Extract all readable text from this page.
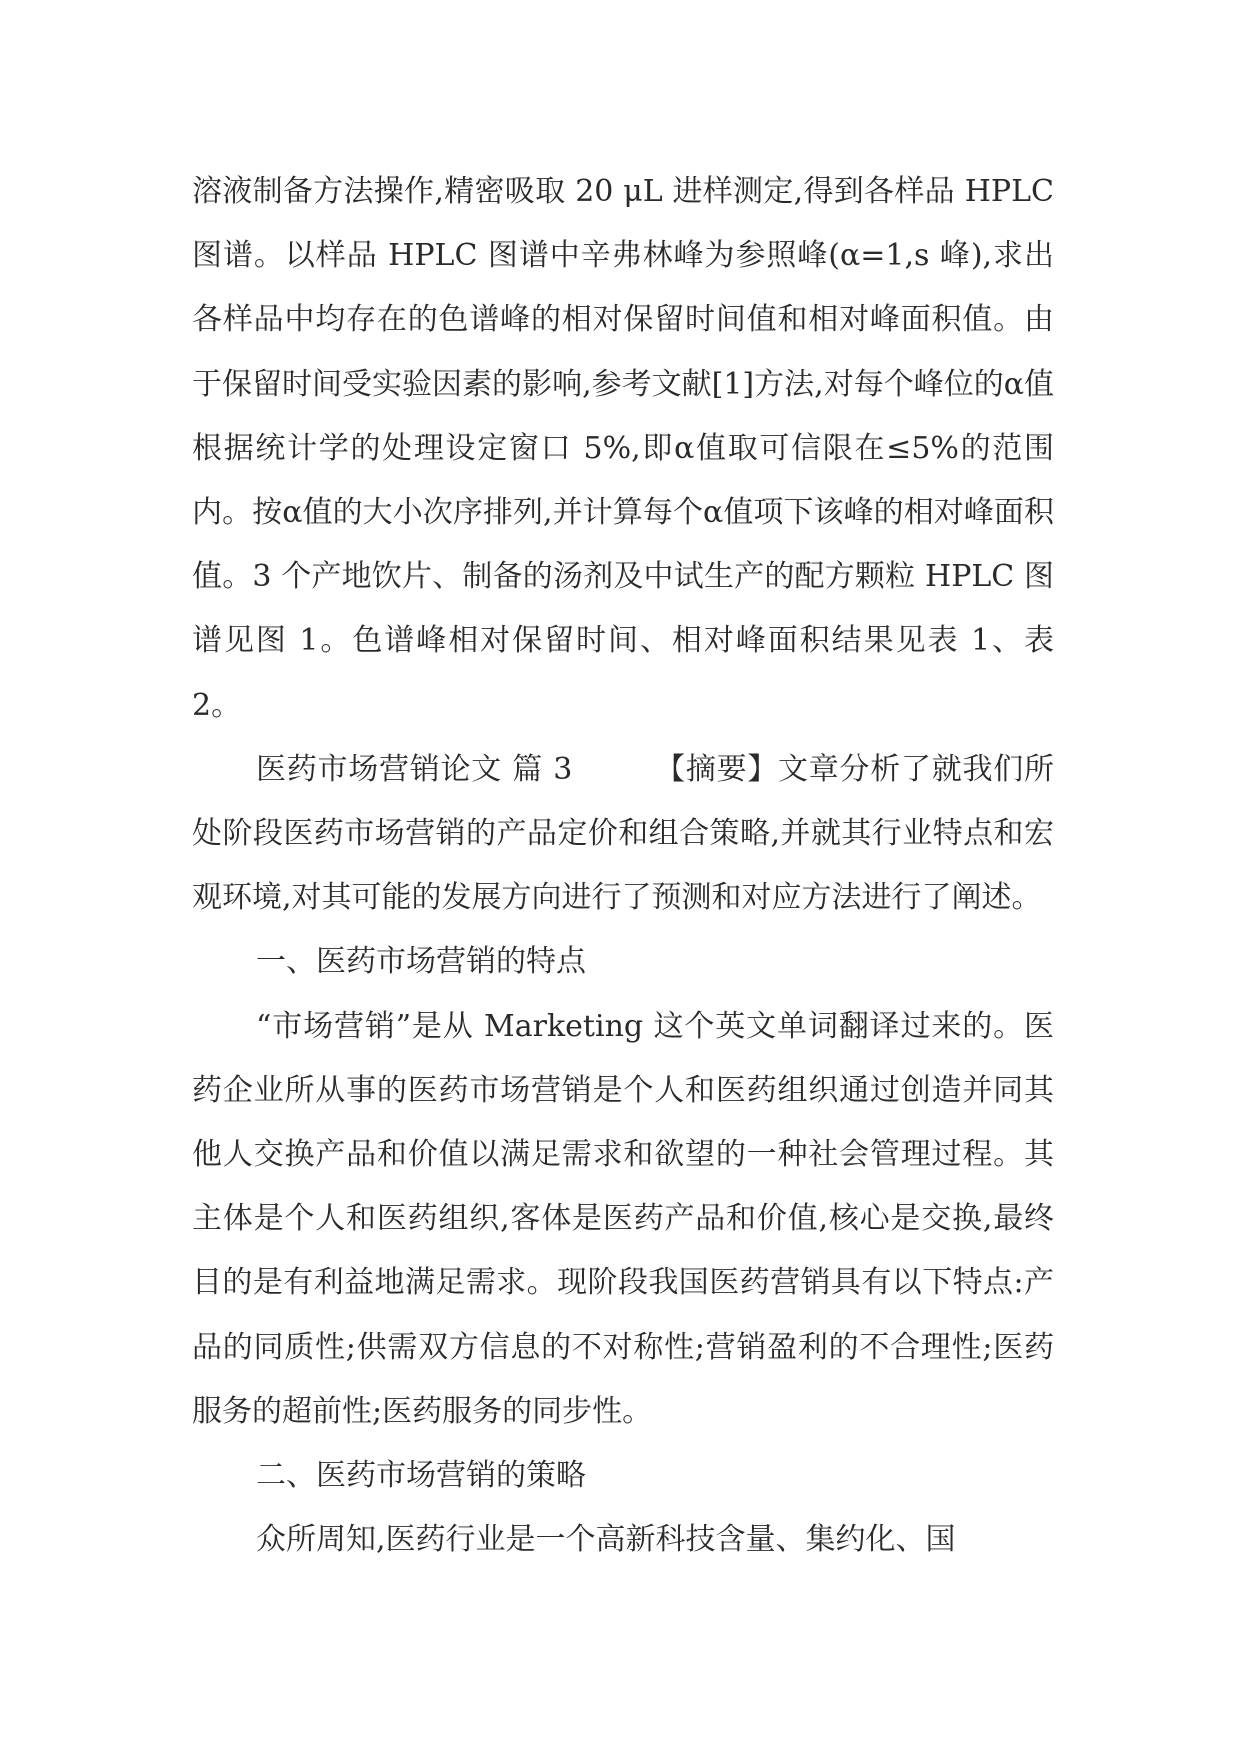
溶液制备方法操作,精密吸取 20 μL 进样测定,得到各样品 HPLC 图谱。以样品 HPLC 图谱中辛弗林峰为参照峰(α=1,s 峰),求出各样品中均存在的色谱峰的相对保留时间值和相对峰面积值。由于保留时间受实验因素的影响,参考文献[1]方法,对每个峰位的α值根据统计学的处理设定窗口 5%,即α值取可信限在≤5%的范围内。按α值的大小次序排列,并计算每个α值项下该峰的相对峰面积值。3 个产地饮片、制备的汤剂及中试生产的配方颗粒 HPLC 图谱见图 1。色谱峰相对保留时间、相对峰面积结果见表 1、表 2。

医药市场营销论文 篇 3	【摘要】文章分析了就我们所处阶段医药市场营销的产品定价和组合策略,并就其行业特点和宏观环境,对其可能的发展方向进行了预测和对应方法进行了阐述。

一、医药市场营销的特点

“市场营销”是从 Marketing 这个英文单词翻译过来的。医药企业所从事的医药市场营销是个人和医药组织通过创造并同其他人交换产品和价值以满足需求和欲望的一种社会管理过程。其主体是个人和医药组织,客体是医药产品和价值,核心是交换,最终目的是有利益地满足需求。现阶段我国医药营销具有以下特点:产品的同质性;供需双方信息的不对称性;营销盈利的不合理性;医药服务的超前性;医药服务的同步性。

二、医药市场营销的策略

众所周知,医药行业是一个高新科技含量、集约化、国
